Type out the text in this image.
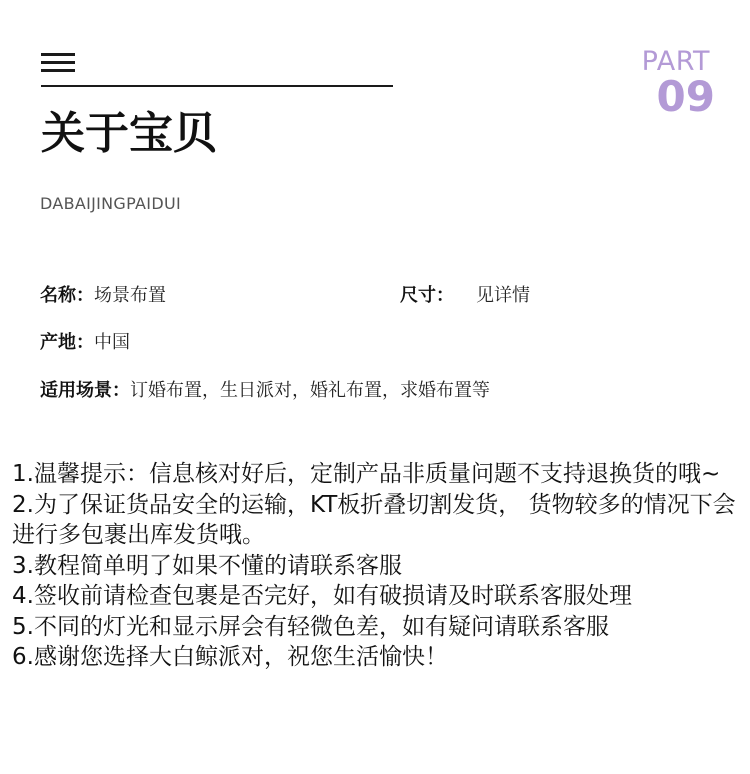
PART
09
关于宝贝
DABAIJINGPAIDUI
名称：场景布置	尺寸： 见详情
产地：中国
适用场景：订婚布置，生日派对，婚礼布置，求婚布置等
1.温馨提示：信息核对好后，定制产品非质量问题不支持退换货的哦~
2.为了保证货品安全的运输，KT板折叠切割发货， 货物较多的情况下会进行多包裹出库发货哦。
3.教程简单明了如果不懂的请联系客服
4.签收前请检查包裹是否完好，如有破损请及时联系客服处理
5.不同的灯光和显示屏会有轻微色差，如有疑问请联系客服
6.感谢您选择大白鲸派对，祝您生活愉快！
